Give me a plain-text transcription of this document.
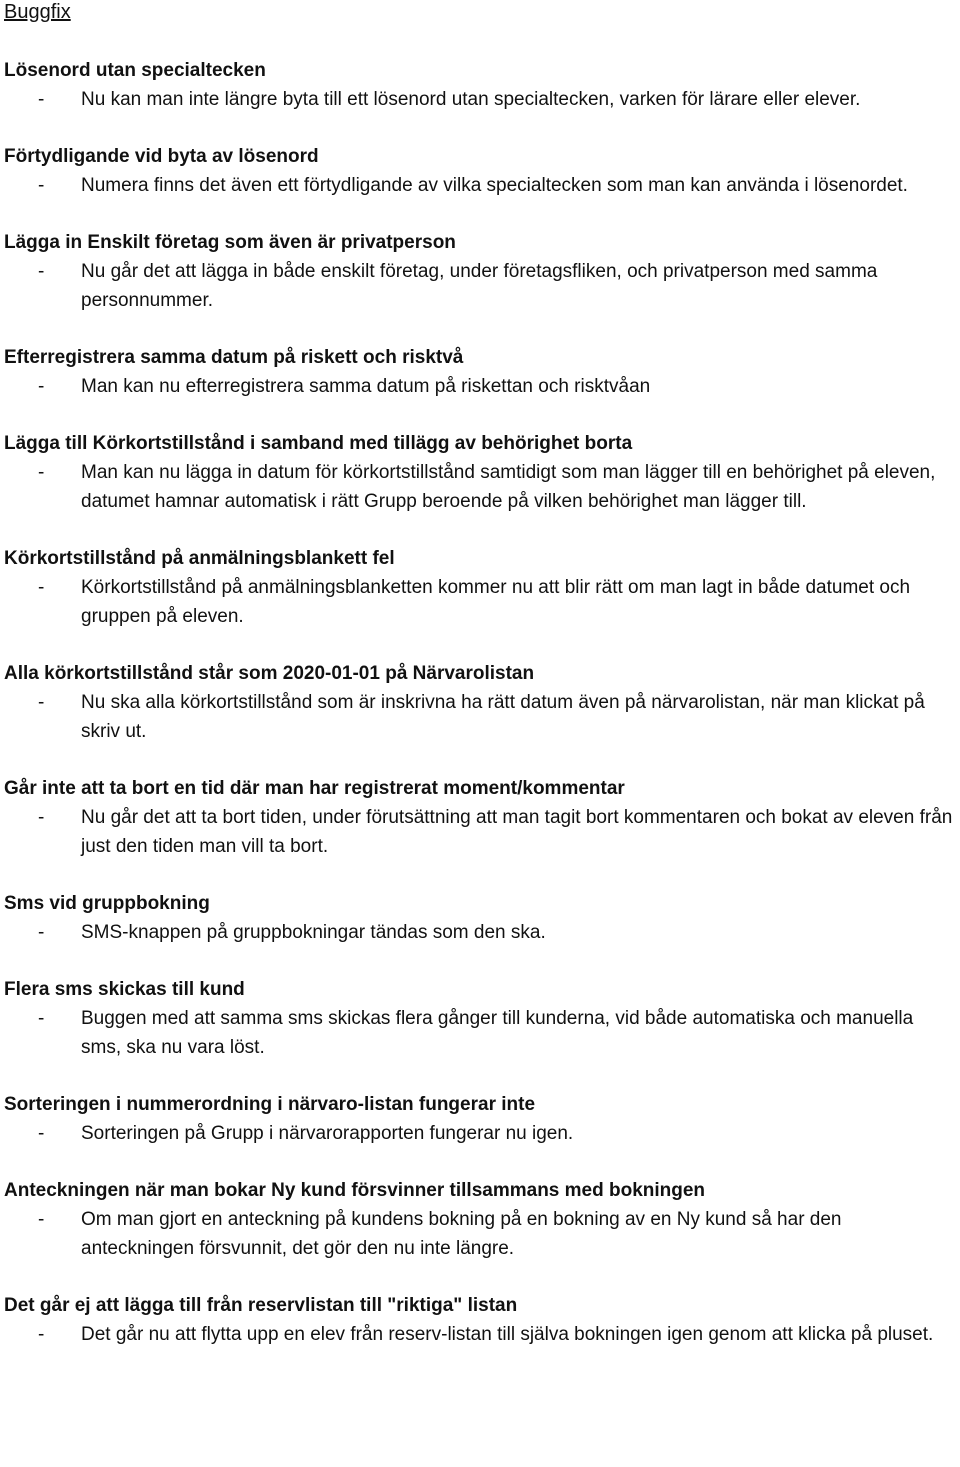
Buggfix
Lösenord utan specialtecken
-	Nu kan man inte längre byta till ett lösenord utan specialtecken, varken för lärare eller elever.
Förtydligande vid byta av lösenord
-	Numera finns det även ett förtydligande av vilka specialtecken som man kan använda i lösenordet.
Lägga in Enskilt företag som även är privatperson
-	Nu går det att lägga in både enskilt företag, under företagsfliken, och privatperson med samma personnummer.
Efterregistrera samma datum på riskett och risktvå
-	Man kan nu efterregistrera samma datum på riskettan och risktvåan
Lägga till Körkortstillstånd i samband med tillägg av behörighet borta
-	Man kan nu lägga in datum för körkortstillstånd samtidigt som man lägger till en behörighet på eleven, datumet hamnar automatisk i rätt Grupp beroende på vilken behörighet man lägger till.
Körkortstillstånd på anmälningsblankett fel
-	Körkortstillstånd på anmälningsblanketten kommer nu att blir rätt om man lagt in både datumet och gruppen på eleven.
Alla körkortstillstånd står som 2020-01-01 på Närvarolistan
-	Nu ska alla körkortstillstånd som är inskrivna ha rätt datum även på närvarolistan, när man klickat på skriv ut.
Går inte att ta bort en tid där man har registrerat moment/kommentar
-	Nu går det att ta bort tiden, under förutsättning att man tagit bort kommentaren och bokat av eleven från just den tiden man vill ta bort.
Sms vid gruppbokning
-	SMS-knappen på gruppbokningar tändas som den ska.
Flera sms skickas till kund
-	Buggen med att samma sms skickas flera gånger till kunderna, vid både automatiska och manuella sms, ska nu vara löst.
Sorteringen i nummerordning i närvaro-listan fungerar inte
-	Sorteringen på Grupp i närvarorapporten fungerar nu igen.
Anteckningen när man bokar Ny kund försvinner tillsammans med bokningen
-	Om man gjort en anteckning på kundens bokning på en bokning av en Ny kund så har den anteckningen försvunnit, det gör den nu inte längre.
Det går ej att lägga till från reservlistan till "riktiga" listan
-	Det går nu att flytta upp en elev från reserv-listan till själva bokningen igen genom att klicka på pluset.
